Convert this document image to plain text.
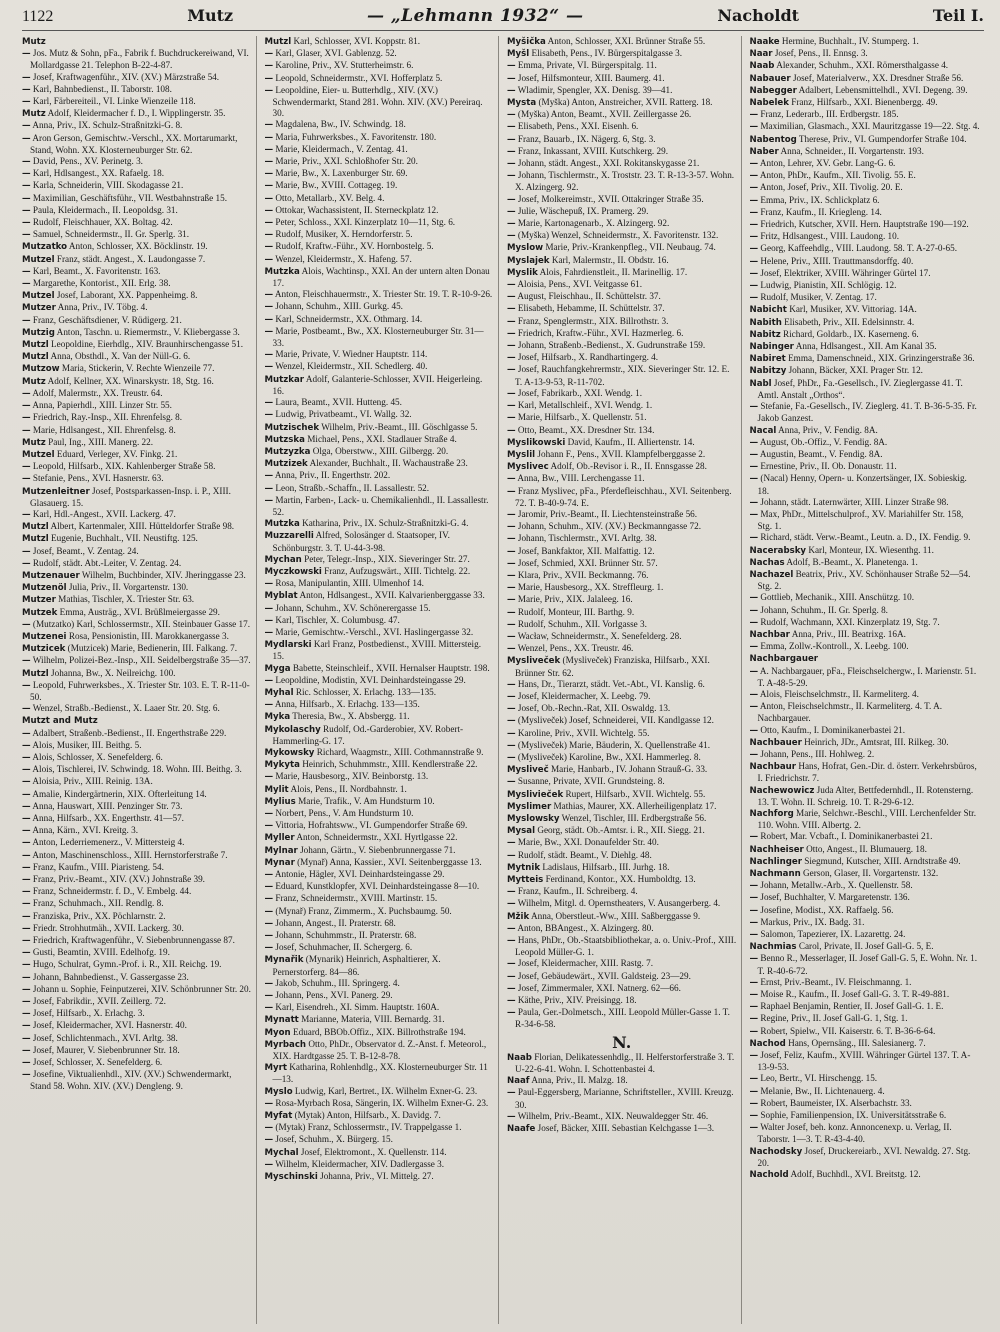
1122	Mutz	— „Lehmann 1932“ —	Nacholdt	Teil I.
Mutz
— Jos. Mutz & Sohn, pFa., Fabrik f. Buchdruckereiwand, VI. Mollardgasse 21. Telephon B-22-4-87.
— Josef, Kraftwagenführ., XIV. (XV.) Märzstraße 54.
— Karl, Bahnbedienst., II. Taborstr. 108.
— Karl, Färbereiteil., VI. Linke Wienzeile 118.
Mutz Adolf, Kleidermacher f. D., I. Wipplingerstr. 35.
— Anna, Priv., IX. Schulz-Straßnitzki-G. 8.
— Aron Gerson, Gemischtw.-Verschl., XX. Mortarumarkt, Stand, Wohn. XX. Klosterneuburger Str. 62.
— David, Pens., XV. Perinetg. 3.
— Karl, Hdlsangest., XX. Rafaelg. 18.
— Karla, Schneiderin, VIII. Skodagasse 21.
— Maximilian, Geschäftsführ., VII. Westbahnstraße 15.
— Paula, Kleidermach., II. Leopoldsg. 31.
— Rudolf, Fleischhauer, XX. Boltag. 42.
— Samuel, Schneidermstr., II. Gr. Sperlg. 31.
Mutzatko Anton, Schlosser, XX. Böcklinstr. 19.
Mutzel Franz, städt. Angest., X. Laudongasse 7.
— Karl, Beamt., X. Favoritenstr. 163.
— Margarethe, Kontorist., XII. Erlg. 38.
Mutzel Josef, Laborant, XX. Pappenheimg. 8.
Mutzer Anna, Priv., IV. Töbg. 4.
— Franz, Geschäftsdiener, V. Rüdigerg. 21.
Mutzig Anton, Taschn. u. Riemermstr., V. Kliebergasse 3.
Mutzl Leopoldine, Eierhdlg., XIV. Braunhirschengasse 51.
Mutzl Anna, Obsthdl., X. Van der Nüll-G. 6.
Mutzow Maria, Stickerin, V. Rechte Wienzeile 77.
Mutz Adolf, Kellner, XX. Winarskystr. 18, Stg. 16.
— Adolf, Malermstr., XX. Treustr. 64.
— Anna, Papierhdl., XIII. Linzer Str. 55.
— Friedrich, Ray.-Insp., XII. Ehrenfelsg. 8.
— Marie, Hdlsangest., XII. Ehrenfelsg. 8.
Mutz Paul, Ing., XIII. Manerg. 22.
Mutzel Eduard, Verleger, XV. Finkg. 21.
— Leopold, Hilfsarb., XIX. Kahlenberger Straße 58.
— Stefanie, Pens., XVI. Hasnerstr. 63.
Mutzenleitner Josef, Postsparkassen-Insp. i. P., XIII. Glasauerg. 15.
— Karl, Hdl.-Angest., XVII. Lackerg. 47.
Mutzl Albert, Kartenmaler, XIII. Hütteldorfer Straße 98.
Mutzl Eugenie, Buchhalt., VII. Neustiftg. 125.
— Josef, Beamt., V. Zentag. 24.
— Rudolf, städt. Abt.-Leiter, V. Zentag. 24.
Mutzenauer Wilhelm, Buchbinder, XIV. Jheringgasse 23.
Mutzenöl Julia, Priv., II. Vorgartenstr. 130.
Mutzer Mathias, Tischler, X. Triester Str. 63.
Mutzek Emma, Austräg., XVI. Brüßlmeiergasse 29.
— (Mutzatko) Karl, Schlossermstr., XII. Steinbauer Gasse 17.
Mutzenei Rosa, Pensionistin, III. Marokkanergasse 3.
Mutzicek (Mutzicek) Marie, Bedienerin, III. Falkang. 7.
— Wilhelm, Polizei-Bez.-Insp., XII. Seidelbergstraße 35—37.
Mutzl Johanna, Bw., X. Neilreichg. 100.
— Leopold, Fuhrwerksbes., X. Triester Str. 103. E. T. R-11-0-50.
— Wenzel, Straßb.-Bedienst., X. Laaer Str. 20. Stg. 6.
Mutzt and Mutz
— Adalbert, Straßenb.-Bedienst., II. Engerthstraße 229.
— Alois, Musiker, III. Beithg. 5.
— Alois, Schlosser, X. Senefelderg. 6.
— Alois, Tischlerei, IV. Schwindg. 18. Wohn. III. Beithg. 3.
— Aloisia, Priv., XIII. Reinig. 13A.
— Amalie, Kindergärtnerin, XIX. Ofterleitung 14.
— Anna, Hauswart, XIII. Penzinger Str. 73.
— Anna, Hilfsarb., XX. Engerthstr. 41—57.
— Anna, Kärn., XVI. Kreitg. 3.
— Anton, Lederriemenerz., V. Mittersteig 4.
— Anton, Maschinenschloss., XIII. Hernstorferstraße 7.
— Franz, Kaufm., VIII. Piaristeng. 54.
— Franz, Priv.-Beamt., XIV. (XV.) Johnstraße 39.
— Franz, Schneidermstr. f. D., V. Embelg. 44.
— Franz, Schuhmach., XII. Rendlg. 8.
— Franziska, Priv., XX. Pöchlarnstr. 2.
— Friedr. Strohhutmäh., XVII. Lackerg. 30.
— Friedrich, Kraftwagenführ., V. Siebenbrunnengasse 87.
— Gusti, Beamtin, XVIII. Edelhofg. 19.
— Hugo, Schulrat, Gymn.-Prof. i. R., XII. Reichg. 19.
— Johann, Bahnbedienst., V. Gassergasse 23.
— Johann u. Sophie, Feinputzerei, XIV. Schönbrunner Str. 20.
— Josef, Fabrikdir., XVII. Zeillerg. 72.
— Josef, Hilfsarb., X. Erlachg. 3.
— Josef, Kleidermacher, XVI. Hasnerstr. 40.
— Josef, Schlichtenmach., XVI. Arltg. 38.
— Josef, Maurer, V. Siebenbrunner Str. 18.
— Josef, Schlosser, X. Senefelderg. 6.
— Josefine, Viktualienhdl., XIV. (XV.) Schwendermarkt, Stand 58. Wohn. XIV. (XV.) Dengleng. 9.
Mutzl Karl, Schlosser, XVI. Koppstr. 81.
— Karl, Glaser, XVI. Gablenzg. 52.
— Karoline, Priv., XV. Stutterheimstr. 6.
— Leopold, Schneidermstr., XVI. Hofferplatz 5.
— Leopoldine, Eier- u. Butterhdlg., XIV. (XV.) Schwendermarkt, Stand 281. Wohn. XIV. (XV.) Pereiraq. 30.
— Magdalena, Bw., IV. Schwindg. 18.
— Maria, Fuhrwerksbes., X. Favoritenstr. 180.
— Marie, Kleidermach., V. Zentag. 41.
— Marie, Priv., XXI. Schloßhofer Str. 20.
— Marie, Bw., X. Laxenburger Str. 69.
— Marie, Bw., XVIII. Cottageg. 19.
— Otto, Metallarb., XV. Belg. 4.
— Ottokar, Wachassistent, II. Sterneckplatz 12.
— Peter, Schloss., XXI. Kinzerplatz 10—11, Stg. 6.
— Rudolf, Musiker, X. Herndorferstr. 5.
— Rudolf, Kraftw.-Führ., XV. Hornbostelg. 5.
— Wenzel, Kleidermstr., X. Hafeng. 57.
Mutzka Alois, Wachtinsp., XXI. An der untern alten Donau 17.
— Anton, Fleischhauermstr., X. Triester Str. 19. T. R-10-9-26.
— Johann, Schuhm., XIII. Gurkg. 45.
— Karl, Schneidermstr., XX. Othmarg. 14.
— Marie, Postbeamt., Bw., XX. Klosterneuburger Str. 31—33.
— Marie, Private, V. Wiedner Hauptstr. 114.
— Wenzel, Kleidermstr., XII. Schedlerg. 40.
Mutzkar Adolf, Galanterie-Schlosser, XVII. Heigerleing. 16.
— Laura, Beamt., XVII. Hutteng. 45.
— Ludwig, Privatbeamt., VI. Wallg. 32.
Mutzischek Wilhelm, Priv.-Beamt., III. Göschlgasse 5.
Mutzska Michael, Pens., XXI. Stadlauer Straße 4.
Mutzyzka Olga, Oberstww., XIII. Gilbergg. 20.
Mutzizek Alexander, Buchhalt., II. Wachaustraße 23.
— Anna, Priv., II. Engerthstr. 202.
— Leon, Straßb.-Schaffn., II. Lassallestr. 52.
— Martin, Farben-, Lack- u. Chemikalienhdl., II. Lassallestr. 52.
Mutzka Katharina, Priv., IX. Schulz-Straßnitzki-G. 4.
Muzzarelli Alfred, Solosänger d. Staatsoper, IV. Schönburgstr. 3. T. U-44-3-98.
Mychan Peter, Telegr.-Insp., XIX. Sieveringer Str. 27.
Myczkowski Franz, Aufzugswärt., XIII. Tichtelg. 22.
— Rosa, Manipulantin, XIII. Ulmenhof 14.
Myblat Anton, Hdlsangest., XVII. Kalvarienberggasse 33.
— Johann, Schuhm., XV. Schönerergasse 15.
— Karl, Tischler, X. Columbusg. 47.
— Marie, Gemischtw.-Verschl., XVI. Haslingergasse 32.
Mydlarski Karl Franz, Postbedienst., XVIII. Mittersteig. 15.
Myga Babette, Steinschleif., XVII. Hernalser Hauptstr. 198.
— Leopoldine, Modistin, XVI. Deinhardsteingasse 29.
Myhal Ric. Schlosser, X. Erlachg. 133—135.
— Anna, Hilfsarb., X. Erlachg. 133—135.
Myka Theresia, Bw., X. Absbergg. 11.
Mykolaschy Rudolf, Od.-Garderobier, XV. Robert-Hammerling-G. 17.
Mykowsky Richard, Waagmstr., XIII. Cothmannstraße 9.
Mykyta Heinrich, Schuhmmstr., XIII. Kendlerstraße 22.
— Marie, Hausbesorg., XIV. Beinborstg. 13.
Mylit Alois, Pens., II. Nordbahnstr. 1.
Mylius Marie, Trafik., V. Am Hundsturm 10.
— Norbert, Pens., V. Am Hundsturm 10.
— Vittoria, Hofrahtsww., VI. Gumpendorfer Straße 69.
Myller Anton, Schneidermstr., XXI. Hyrtlgasse 22.
Mylnar Johann, Gärtn., V. Siebenbrunnergasse 71.
Mynar (Mynař) Anna, Kassier., XVI. Seitenberggasse 13.
— Antonie, Hägler, XVI. Deinhardsteingasse 29.
— Eduard, Kunstklopfer, XVI. Deinhardsteingasse 8—10.
— Franz, Schneidermstr., XVIII. Martinstr. 15.
— (Mynař) Franz, Zimmerm., X. Puchsbaumg. 50.
— Johann, Angest., II. Praterstr. 68.
— Johann, Schuhmmstr., II. Praterstr. 68.
— Josef, Schuhmacher, II. Schergerg. 6.
Mynařik (Mynarik) Heinrich, Asphaltierer, X. Pernerstorferg. 84—86.
— Jakob, Schuhm., III. Springerg. 4.
— Johann, Pens., XVI. Panerg. 29.
— Karl, Eisendreh., XI. Simm. Hauptstr. 160A.
Mynatt Marianne, Materia, VIII. Bernardg. 31.
Myon Eduard, BBOb.Offiz., XIX. Billrothstraße 194.
Myrbach Otto, PhDr., Observator d. Z.-Anst. f. Meteorol., XIX. Hardtgasse 25. T. B-12-8-78.
Myrt Katharina, Rohlenhdlg., XX. Klosterneuburger Str. 11—13.
Myslo Ludwig, Karl, Bertret., IX. Wilhelm Exner-G. 23.
— Rosa-Myrbach Rosa, Sängerin, IX. Wilhelm Exner-G. 23.
Myfat (Mytak) Anton, Hilfsarb., X. Davidg. 7.
— (Mytak) Franz, Schlossermstr., IV. Trappelgasse 1.
— Josef, Schuhm., X. Bürgerg. 15.
Mychal Josef, Elektromont., X. Quellenstr. 114.
— Wilhelm, Kleidermacher, XIV. Dadlergasse 3.
Myschinski Johanna, Priv., VI. Mittelg. 27.
Myšička Anton, Schlosser, XXI. Brünner Straße 55.
Myšl Elisabeth, Pens., IV. Bürgerspitalgasse 3.
— Emma, Private, VI. Bürgerspitalg. 11.
— Josef, Hilfsmonteur, XIII. Baumerg. 41.
— Wladimir, Spengler, XX. Denisg. 39—41.
Mysta (Myška) Anton, Anstreicher, XVII. Ratterg. 18.
— (Myška) Anton, Beamt., XVII. Zeillergasse 26.
— Elisabeth, Pens., XXI. Eisenh. 6.
— Franz, Bauarb., IX. Nägerg. 6, Stg. 3.
— Franz, Inkassant, XVIII. Kutschkerg. 29.
— Johann, städt. Angest., XXI. Rokitanskygasse 21.
— Johann, Tischlermstr., X. Troststr. 23. T. R-13-3-57. Wohn. X. Alzingerg. 92.
— Josef, Molkereimstr., XVII. Ottakringer Straße 35.
— Julie, Wäschepuß, IX. Pramerg. 29.
— Marie, Kartonagenarb., X. Alzingerg. 92.
— (Myška) Wenzel, Schneidermstr., X. Favoritenstr. 132.
Myslow Marie, Priv.-Krankenpfleg., VII. Neubaug. 74.
Myslajek Karl, Malermstr., II. Obdstr. 16.
Myslik Alois, Fahrdienstleit., II. Marinellig. 17.
— Aloisia, Pens., XVI. Veitgasse 61.
— August, Fleischhau., II. Schüttelstr. 37.
— Elisabeth, Hebamme, II. Schüttelstr. 37.
— Franz, Spenglermstr., XIX. Billrothstr. 3.
— Friedrich, Kraftw.-Führ., XVI. Hazmerleg. 6.
— Johann, Straßenb.-Bedienst., X. Gudrunstraße 159.
— Josef, Hilfsarb., X. Randhartingerg. 4.
— Josef, Rauchfangkehrermstr., XIX. Sieveringer Str. 12. E. T. A-13-9-53, R-11-702.
— Josef, Fabrikarb., XXI. Wendg. 1.
— Karl, Metallschleif., XVI. Wendg. 1.
— Marie, Hilfsarb., X. Quellenstr. 51.
— Otto, Beamt., XX. Dresdner Str. 134.
Myslikowski David, Kaufm., II. Alliertenstr. 14.
Myslil Johann F., Pens., XVII. Klampfelberggasse 2.
Myslivec Adolf, Ob.-Revisor i. R., II. Ennsgasse 28.
— Anna, Bw., VIII. Lerchengasse 11.
— Franz Myslivec, pFa., Pferdefleischhau., XVI. Seitenberg. 72. T. B-40-9-74. E.
— Jaromir, Priv.-Beamt., II. Liechtensteinstraße 56.
— Johann, Schuhm., XIV. (XV.) Beckmanngasse 72.
— Johann, Tischlermstr., XVI. Arltg. 38.
— Josef, Bankfaktor, XII. Malfattig. 12.
— Josef, Schmied, XXI. Brünner Str. 57.
— Klara, Priv., XVII. Beckmanng. 76.
— Marie, Hausbesorg., XX. Streffleurg. 1.
— Marie, Priv., XIX. Jalaleeg. 16.
— Rudolf, Monteur, III. Barthg. 9.
— Rudolf, Schuhm., XII. Vorlgasse 3.
— Wacław, Schneidermstr., X. Senefelderg. 28.
— Wenzel, Pens., XX. Treustr. 46.
Mysliveček (Mysliveček) Franziska, Hilfsarb., XXI. Brünner Str. 62.
— Hans, Dr., Tierarzt, städt. Vet.-Abt., VI. Kanslig. 6.
— Josef, Kleidermacher, X. Leebg. 79.
— Josef, Ob.-Rechn.-Rat, XII. Oswaldg. 13.
— (Mysliveček) Josef, Schneiderei, VII. Kandlgasse 12.
— Karoline, Priv., XVII. Wichtelg. 55.
— (Mysliveček) Marie, Bäuderin, X. Quellenstraße 41.
— (Mysliveček) Karoline, Bw., XXI. Hammerleg. 8.
Mysliveč Marie, Hanbarb., IV. Johann Strauß-G. 33.
— Susanne, Private, XVII. Grundsteing. 8.
Myslivieček Rupert, Hilfsarb., XVII. Wichtelg. 55.
Myslimer Mathias, Maurer, XX. Allerheiligenplatz 17.
Myslowsky Wenzel, Tischler, III. Erdbergstraße 56.
Mysal Georg, städt. Ob.-Amtsr. i. R., XII. Siegg. 21.
— Marie, Bw., XXI. Donaufelder Str. 40.
— Rudolf, städt. Beamt., V. Diehlg. 48.
Mytnik Ladislaus, Hilfsarb., III. Jurhg. 18.
Mytteis Ferdinand, Kontor., XX. Humboldtg. 13.
— Franz, Kaufm., II. Schreiberg. 4.
— Wilhelm, Mitgl. d. Opernstheaters, V. Ausangerberg. 4.
Mžik Anna, Oberstleut.-Ww., XIII. Saßberggasse 9.
— Anton, BBAngest., X. Alzingerg. 80.
— Hans, PhDr., Ob.-Staatsbibliothekar, a. o. Univ.-Prof., XIII. Leopold Müller-G. 1.
— Josef, Kleidermacher, XIII. Rastg. 7.
— Josef, Gebäudewärt., XVII. Galdsteig. 23—29.
— Josef, Zimmermaler, XXI. Natnerg. 62—66.
— Käthe, Priv., XIV. Preisingg. 18.
— Paula, Ger.-Dolmetsch., XIII. Leopold Müller-Gasse 1. T. R-34-6-58.
N.
Naab Florian, Delikatessenhdlg., II. Helferstorferstraße 3. T. U-22-6-41. Wohn. I. Schottenbastei 4.
Naaf Anna, Priv., II. Malzg. 18.
— Paul-Eggersberg, Marianne, Schriftsteller., XVIII. Kreuzg. 30.
— Wilhelm, Priv.-Beamt., XIX. Neuwaldegger Str. 46.
Naafe Josef, Bäcker, XIII. Sebastian Kelchgasse 1—3.
Naake Hermine, Buchhalt., IV. Stumperg. 1.
Naar Josef, Pens., II. Ennsg. 3.
Naab Alexander, Schuhm., XXI. Römersthalgasse 4.
Nabauer Josef, Materialverw., XX. Dresdner Straße 56.
Nabegger Adalbert, Lebensmittelhdl., XVI. Degeng. 39.
Nabelek Franz, Hilfsarb., XXI. Bienenbergg. 49.
— Franz, Lederarb., III. Erdbergstr. 185.
— Maximilian, Glasmach., XXI. Mauritzgasse 19—22. Stg. 4.
Nabentog Therese, Priv., VI. Gumpendorfer Straße 104.
Naber Anna, Schneider., II. Vorgartenstr. 193.
— Anton, Lehrer, XV. Gebr. Lang-G. 6.
— Anton, PhDr., Kaufm., XII. Tivolig. 55. E.
— Anton, Josef, Priv., XII. Tivolig. 20. E.
— Emma, Priv., IX. Schlickplatz 6.
— Franz, Kaufm., II. Kriegleng. 14.
— Friedrich, Kutscher, XVII. Hern. Hauptstraße 190—192.
— Fritz, Hdlsangest., VIII. Laudong. 10.
— Georg, Kaffeehdlg., VIII. Laudong. 58. T. A-27-0-65.
— Helene, Priv., XIII. Trauttmansdorffg. 40.
— Josef, Elektriker, XVIII. Währinger Gürtel 17.
— Ludwig, Pianistin, XII. Schlögig. 12.
— Rudolf, Musiker, V. Zentag. 17.
Nabicht Karl, Musiker, XV. Vittoriag. 14A.
Nabith Elisabeth, Priv., XII. Edelsinnstr. 4.
Nabitz Richard, Goldarb., IX. Kaserneng. 6.
Nabinger Anna, Hdlsangest., XII. Am Kanal 35.
Nabiret Emma, Damenschneid., XIX. Grinzingerstraße 36.
Nabitzy Johann, Bäcker, XXI. Prager Str. 12.
Nabl Josef, PhDr., Fa.-Gesellsch., IV. Zieglergasse 41. T. Amtl. Anstalt „Orthos“.
— Stefanie, Fa.-Gesellsch., IV. Zieglerg. 41. T. B-36-5-35. Fr. Jakob Ganzest.
Nacal Anna, Priv., V. Fendig. 8A.
— August, Ob.-Offiz., V. Fendig. 8A.
— Augustin, Beamt., V. Fendig. 8A.
— Ernestine, Priv., II. Ob. Donaustr. 11.
— (Nacal) Henny, Opern- u. Konzertsänger, IX. Sobieskig. 18.
— Johann, städt. Laternwärter, XIII. Linzer Straße 98.
— Max, PhDr., Mittelschulprof., XV. Mariahilfer Str. 158, Stg. 1.
— Richard, städt. Verw.-Beamt., Leutn. a. D., IX. Fendig. 9.
Nacerabsky Karl, Monteur, IX. Wiesenthg. 11.
Nachas Adolf, B.-Beamt., X. Planetenga. 1.
Nachazel Beatrix, Priv., XV. Schönhauser Straße 52—54. Stg. 2.
— Gottlieb, Mechanik., XIII. Anschützg. 10.
— Johann, Schuhm., II. Gr. Sperlg. 8.
— Rudolf, Wachmann, XXI. Kinzerplatz 19, Stg. 7.
Nachbar Anna, Priv., III. Beatrixg. 16A.
— Emma, Zollw.-Kontroll., X. Leebg. 100.
Nachbargauer
— A. Nachbargauer, pFa., Fleischselchergw., I. Marienstr. 51. T. A-48-5-29.
— Alois, Fleischselchmstr., II. Karmeliterg. 4.
— Anton, Fleischselchmstr., II. Karmeliterg. 4. T. A. Nachbargauer.
— Otto, Kaufm., I. Dominikanerbastei 21.
Nachbauer Heinrich, JDr., Amtsrat, III. Rilkeg. 30.
— Johann, Pens., III. Hohlweg. 2.
Nachbaur Hans, Hofrat, Gen.-Dir. d. österr. Verkehrsbüros, I. Friedrichstr. 7.
Nachewowicz Juda Alter, Bettfedernhdl., II. Rotensterng. 13. T. Wohn. II. Schreig. 10. T. R-29-6-12.
Nachforg Marie, Selchwr.-Beschl., VIII. Lerchenfelder Str. 110. Wohn. VIII. Albertg. 2.
— Robert, Mar. Vcbaft., I. Dominikanerbastei 21.
Nachheiser Otto, Angest., II. Blumauerg. 18.
Nachlinger Siegmund, Kutscher, XIII. Arndtstraße 49.
Nachmann Gerson, Glaser, II. Vorgartenstr. 132.
— Johann, Metallw.-Arb., X. Quellenstr. 58.
— Josef, Buchhalter, V. Margaretenstr. 136.
— Josefine, Modist., XX. Raffaelg. 56.
— Markus, Priv., IX. Badg. 31.
— Salomon, Tapezierer, IX. Lazarettg. 24.
Nachmias Carol, Private, II. Josef Gall-G. 5, E.
— Benno R., Messerlager, II. Josef Gall-G. 5, E. Wohn. Nr. 1. T. R-40-6-72.
— Ernst, Priv.-Beamt., IV. Fleischmanng. 1.
— Moise R., Kaufm., II. Josef Gall-G. 3. T. R-49-881.
— Raphael Benjamin, Rentier, II. Josef Gall-G. 1. E.
— Regine, Priv., II. Josef Gall-G. 1, Stg. 1.
— Robert, Spielw., VII. Kaiserstr. 6. T. B-36-6-64.
Nachod Hans, Opernsäng., III. Salesianerg. 7.
— Josef, Feliz, Kaufm., XVIII. Währinger Gürtel 137. T. A-13-9-53.
— Leo, Bertr., VI. Hirschengg. 15.
— Melanie, Bw., II. Lichtenauerg. 4.
— Robert, Baumeister, IX. Alserbachstr. 33.
— Sophie, Familienpension, IX. Universitätsstraße 6.
— Walter Josef, beh. konz. Annoncenexp. u. Verlag, II. Taborstr. 1—3. T. R-43-4-40.
Nachodsky Josef, Druckereiarb., XVI. Newaldg. 27. Stg. 20.
Nachold Adolf, Buchhdl., XVI. Breitstg. 12.
